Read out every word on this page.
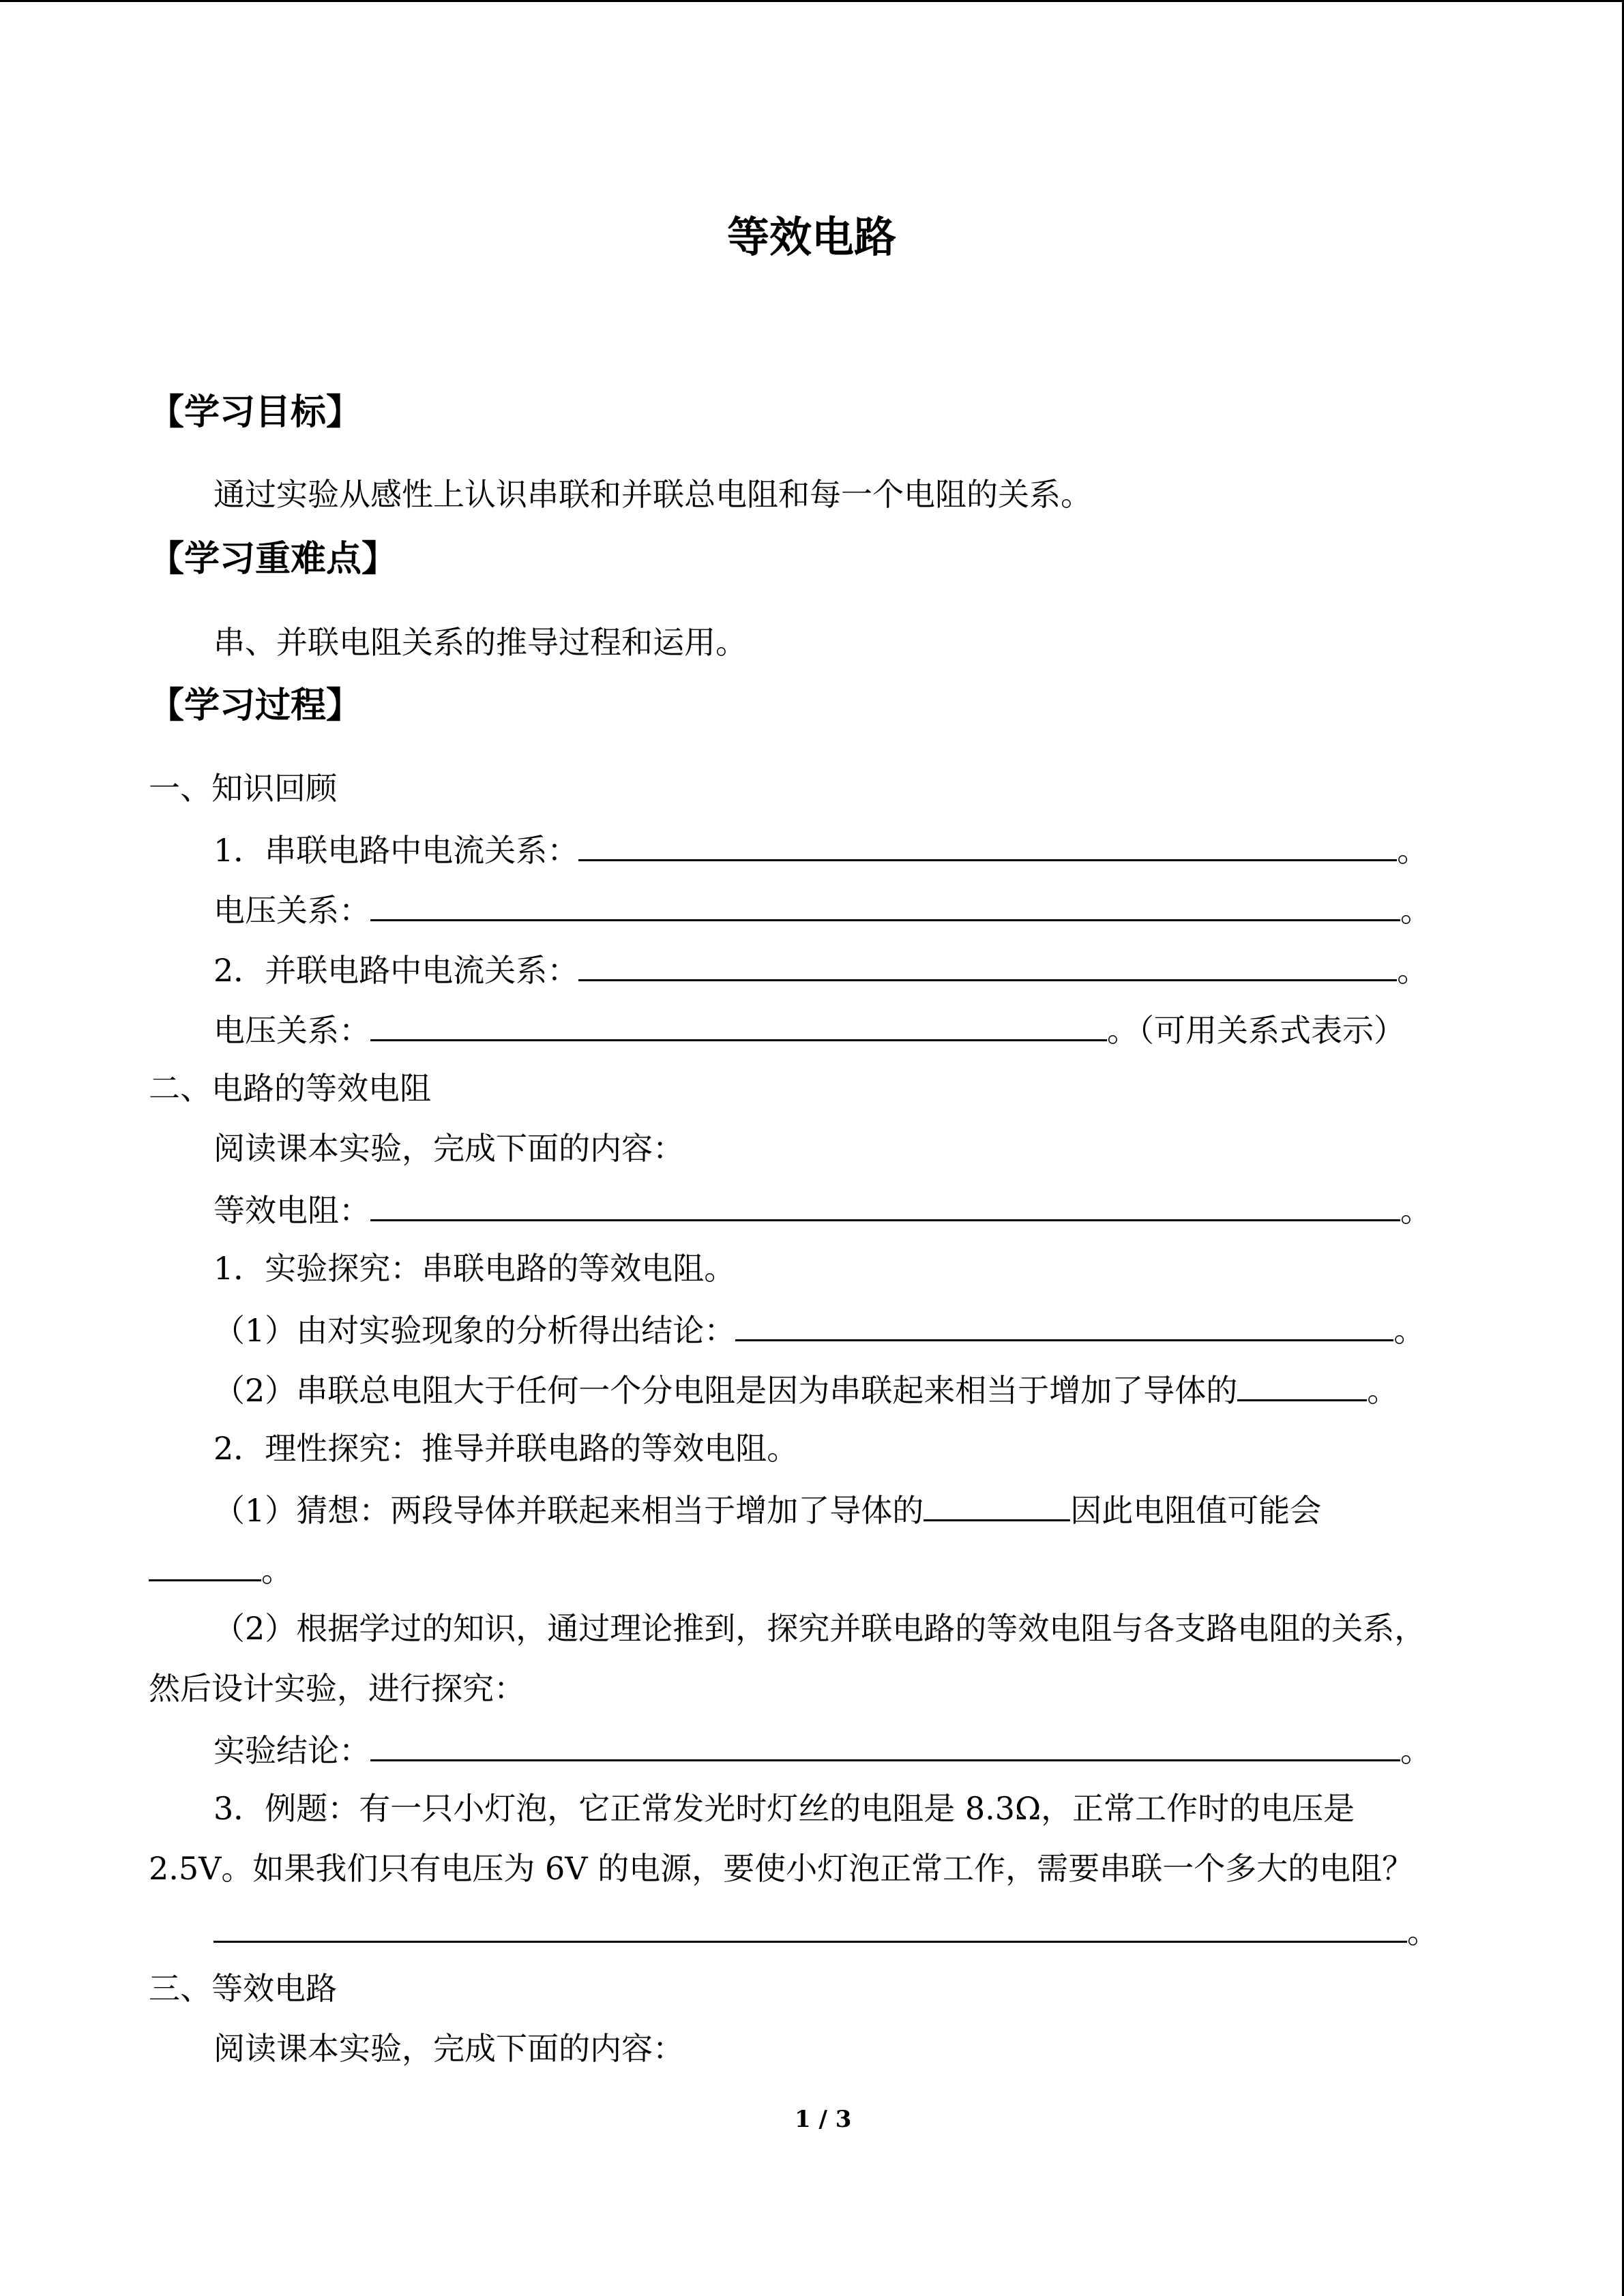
等效电路
【学习目标】
通过实验从感性上认识串联和并联总电阻和每一个电阻的关系。
【学习重难点】
串、并联电阻关系的推导过程和运用。
【学习过程】
一、知识回顾
1．串联电路中电流关系：	。
电压关系：	。
2．并联电路中电流关系：	。
电压关系：	。（可用关系式表示）
二、电路的等效电阻
阅读课本实验，完成下面的内容：
等效电阻：	。
1．实验探究：串联电路的等效电阻。
（1）由对实验现象的分析得出结论：	。
（2）串联总电阻大于任何一个分电阻是因为串联起来相当于增加了导体的	。
2．理性探究：推导并联电路的等效电阻。
（1）猜想：两段导体并联起来相当于增加了导体的	因此电阻值可能会
。
（2）根据学过的知识，通过理论推到，探究并联电路的等效电阻与各支路电阻的关系，
然后设计实验，进行探究：
实验结论：	。
3．例题：有一只小灯泡，它正常发光时灯丝的电阻是 8.3Ω，正常工作时的电压是
2.5V。如果我们只有电压为 6V 的电源，要使小灯泡正常工作，需要串联一个多大的电阻？
。
三、等效电路
阅读课本实验，完成下面的内容：
1 / 3
